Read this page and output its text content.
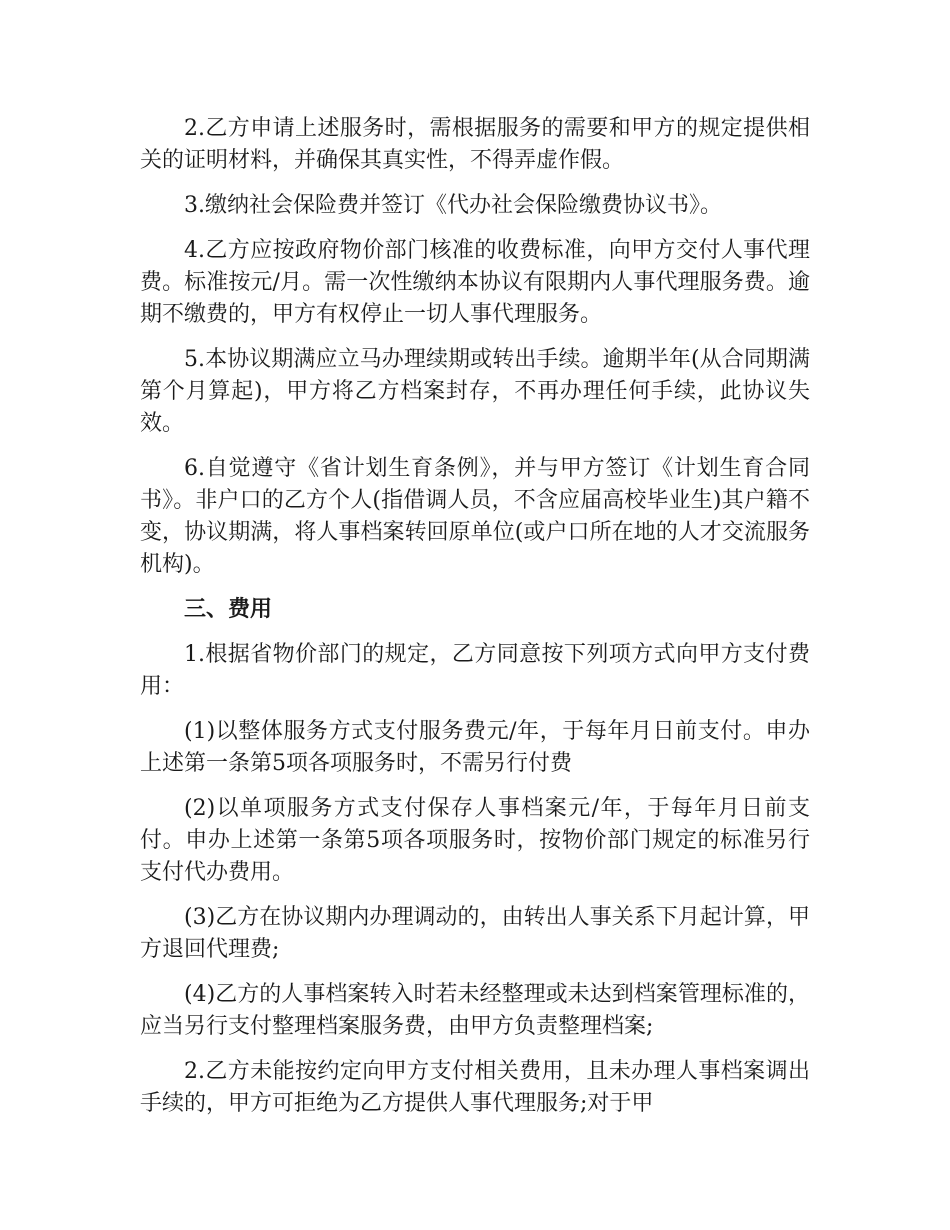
2.乙方申请上述服务时，需根据服务的需要和甲方的规定提供相关的证明材料，并确保其真实性，不得弄虚作假。

3.缴纳社会保险费并签订《代办社会保险缴费协议书》。

4.乙方应按政府物价部门核准的收费标准，向甲方交付人事代理费。标准按元/月。需一次性缴纳本协议有限期内人事代理服务费。逾期不缴费的，甲方有权停止一切人事代理服务。

5.本协议期满应立马办理续期或转出手续。逾期半年(从合同期满第个月算起)，甲方将乙方档案封存，不再办理任何手续，此协议失效。

6.自觉遵守《省计划生育条例》，并与甲方签订《计划生育合同书》。非户口的乙方个人(指借调人员，不含应届高校毕业生)其户籍不变，协议期满，将人事档案转回原单位(或户口所在地的人才交流服务机构)。

三、费用

1.根据省物价部门的规定，乙方同意按下列项方式向甲方支付费用：

(1)以整体服务方式支付服务费元/年，于每年月日前支付。申办上述第一条第5项各项服务时，不需另行付费

(2)以单项服务方式支付保存人事档案元/年，于每年月日前支付。申办上述第一条第5项各项服务时，按物价部门规定的标准另行支付代办费用。

(3)乙方在协议期内办理调动的，由转出人事关系下月起计算，甲方退回代理费;

(4)乙方的人事档案转入时若未经整理或未达到档案管理标准的，应当另行支付整理档案服务费，由甲方负责整理档案;

2.乙方未能按约定向甲方支付相关费用，且未办理人事档案调出手续的，甲方可拒绝为乙方提供人事代理服务;对于甲
